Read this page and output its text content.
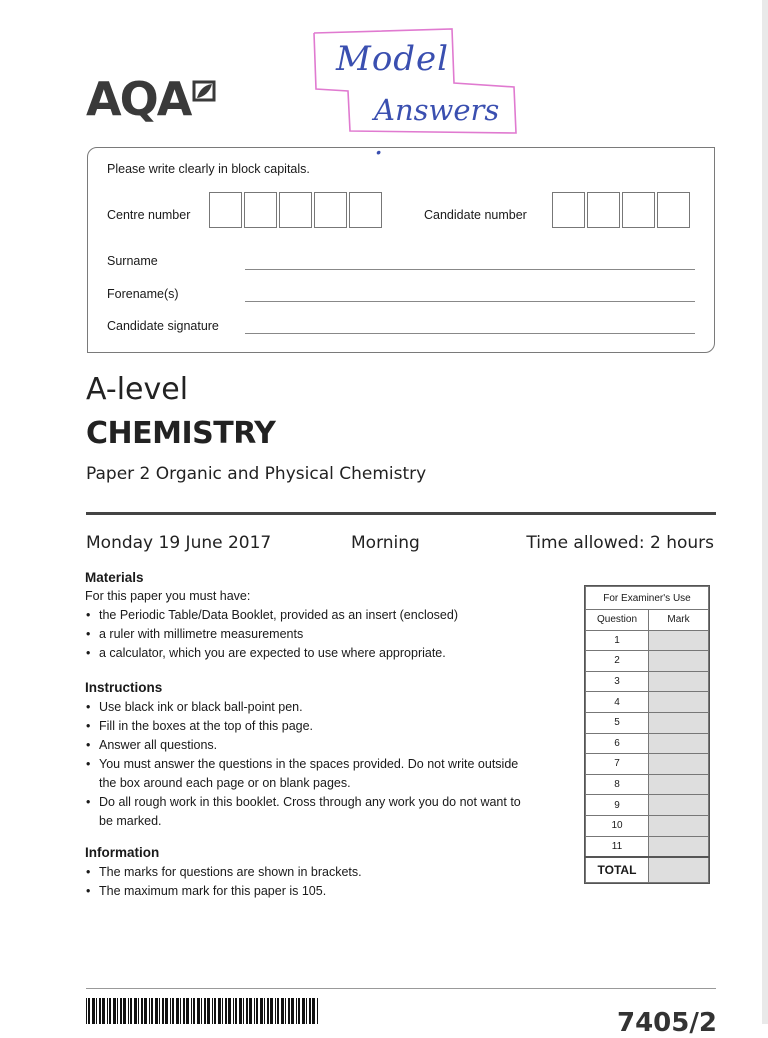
Model
Answers .
AQA
Please write clearly in block capitals.
Centre number	Candidate number
Surname
Forename(s)
Candidate signature
A-level
CHEMISTRY
Paper 2 Organic and Physical Chemistry
Monday 19 June 2017	Morning	Time allowed: 2 hours
Materials
For this paper you must have:
• the Periodic Table/Data Booklet, provided as an insert (enclosed)
• a ruler with millimetre measurements
• a calculator, which you are expected to use where appropriate.
Instructions
• Use black ink or black ball-point pen.
• Fill in the boxes at the top of this page.
• Answer all questions.
• You must answer the questions in the spaces provided. Do not write outside the box around each page or on blank pages.
• Do all rough work in this booklet. Cross through any work you do not want to be marked.
Information
• The marks for questions are shown in brackets.
• The maximum mark for this paper is 105.
For Examiner's Use	
Question	Mark
1	
2	
3	
4	
5	
6	
7	
8	
9	
10	
11	
TOTAL	
7405/2
